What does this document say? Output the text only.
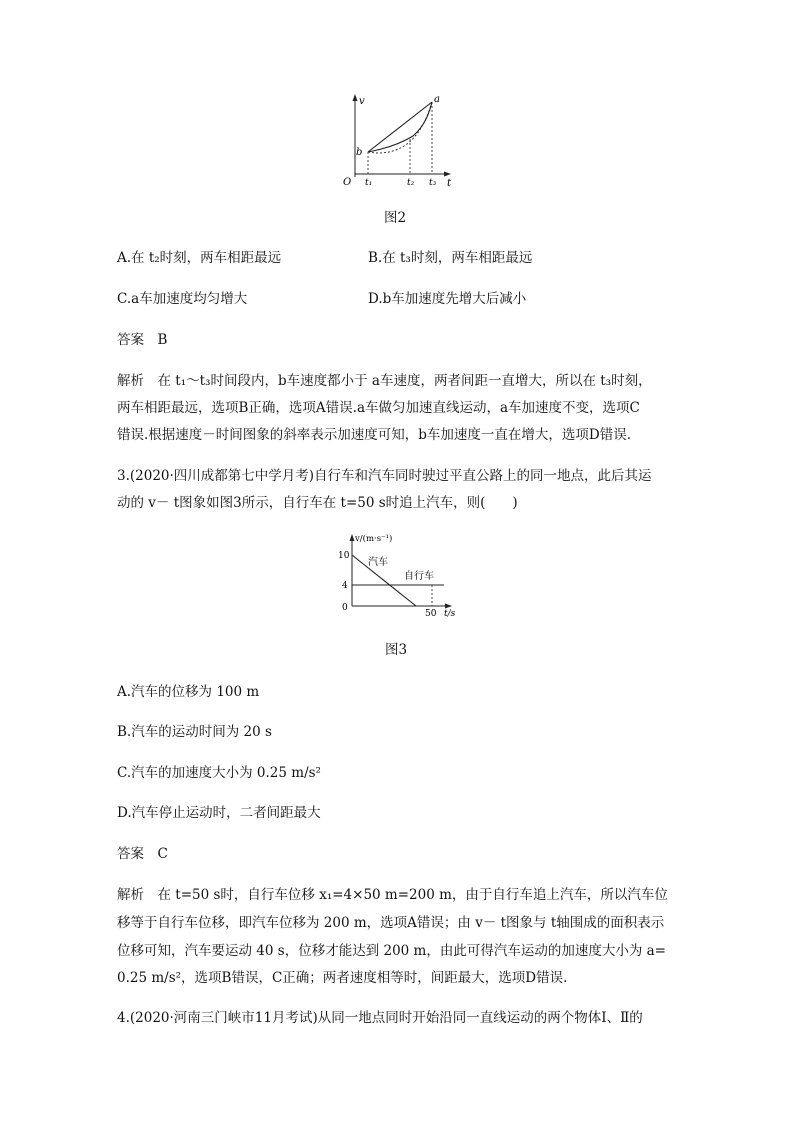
v
t
O
a
b
t₁	t₂ t₃
图2
A.在 t₂时刻，两车相距最远	B.在 t₃时刻，两车相距最远
C.a车加速度均匀增大	D.b车加速度先增大后减小
答案　B
解析　在 t₁～t₃时间段内，b车速度都小于 a车速度，两者间距一直增大，所以在 t₃时刻，
两车相距最远，选项B正确，选项A错误.a车做匀加速直线运动，a车加速度不变，选项C
错误.根据速度－时间图象的斜率表示加速度可知，b车加速度一直在增大，选项D错误.
3.(2020·四川成都第七中学月考)自行车和汽车同时驶过平直公路上的同一地点，此后其运
动的 v－ t图象如图3所示，自行车在 t=50 s时追上汽车，则(　　)
v/(m·s⁻¹)
t/s
10
4
0
50
汽车
自行车
图3
A.汽车的位移为 100 m
B.汽车的运动时间为 20 s
C.汽车的加速度大小为 0.25 m/s²
D.汽车停止运动时，二者间距最大
答案　C
解析　在 t=50 s时，自行车位移 x₁=4×50 m=200 m，由于自行车追上汽车，所以汽车位
移等于自行车位移，即汽车位移为 200 m，选项A错误；由 v－ t图象与 t轴围成的面积表示
位移可知，汽车要运动 40 s，位移才能达到 200 m，由此可得汽车运动的加速度大小为 a=
0.25 m/s²，选项B错误，C正确；两者速度相等时，间距最大，选项D错误.
4.(2020·河南三门峡市11月考试)从同一地点同时开始沿同一直线运动的两个物体Ⅰ、Ⅱ的
